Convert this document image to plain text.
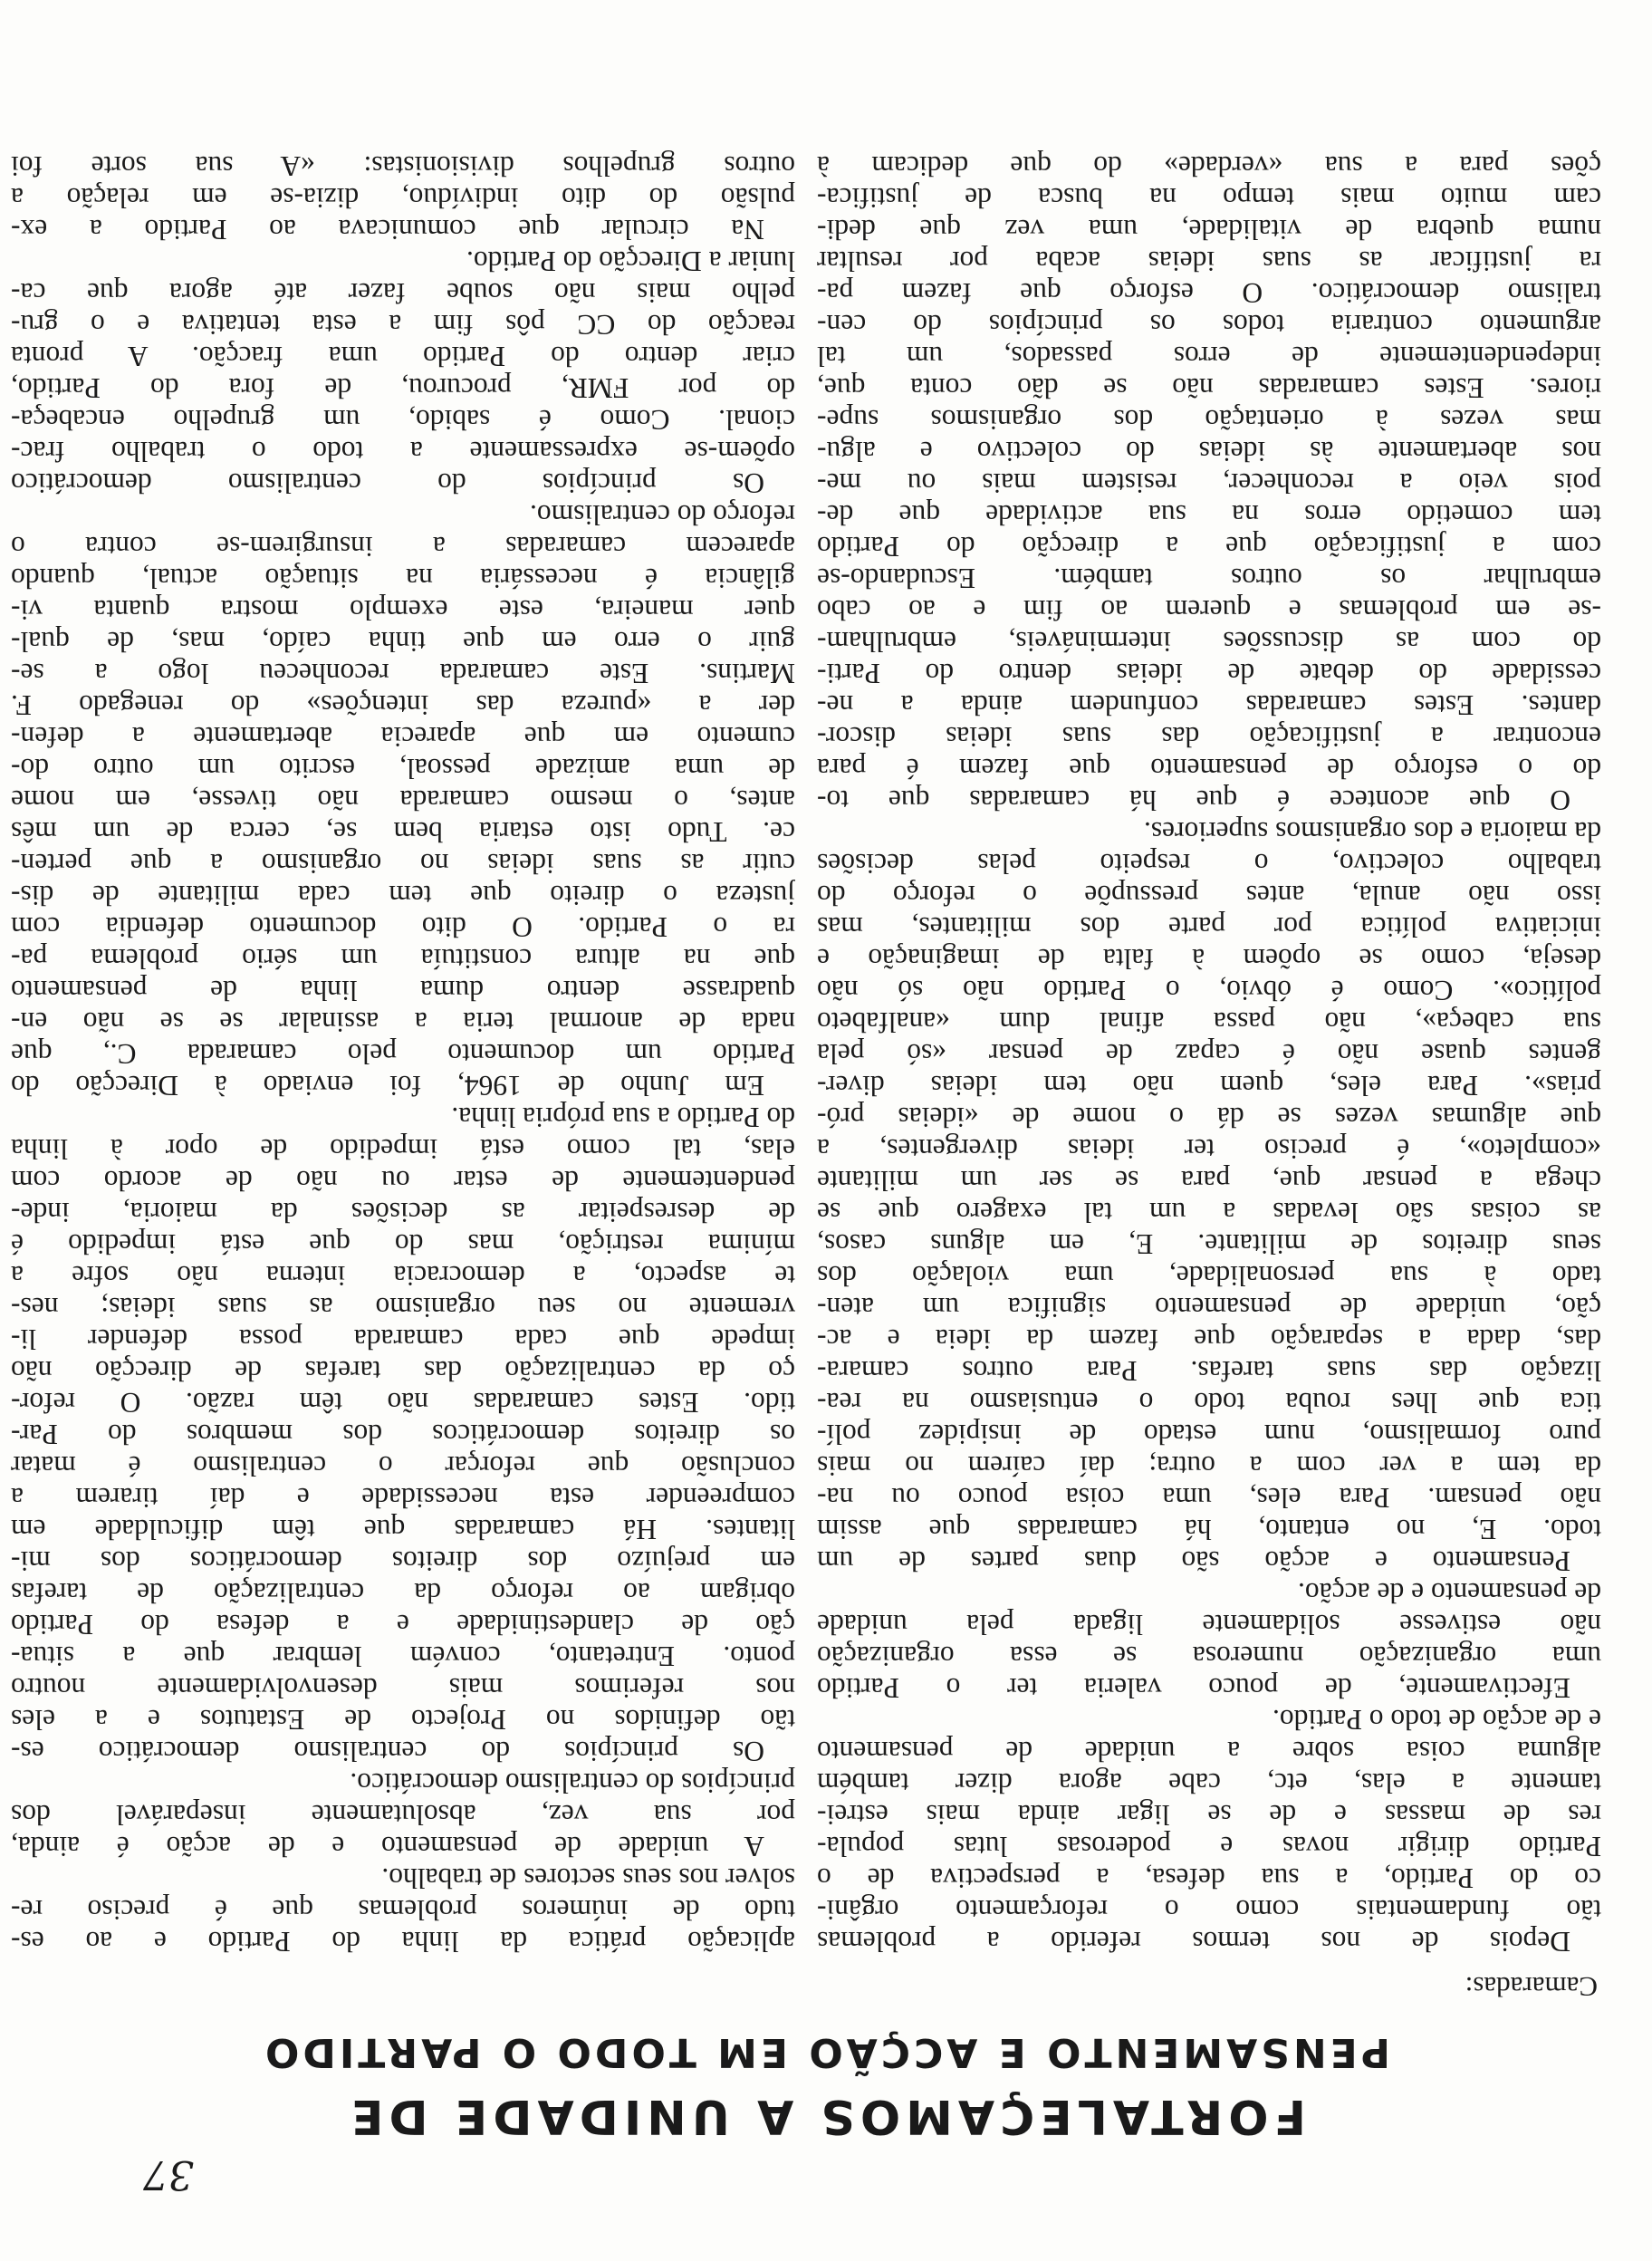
37
FORTALEÇAMOS A UNIDADE DE
PENSAMENTO E ACÇÃO EM TODO O PARTIDO
Camaradas:
Depois de nos termos referido a problemas
tão fundamentais como o reforçamento orgâni-
co do Partido, a sua defesa, a perspectiva de o
Partido dirigir novas e poderosas lutas popula-
res de massas e de se ligar ainda mais estrei-
tamente a elas, etc, cabe agora dizer também
alguma coisa sobre a unidade de pensamento
e de acção de todo o Partido.
Efectivamente, de pouco valeria ter o Partido
uma organização numerosa se essa organização
não estivesse solidamente ligada pela unidade
de pensamento e de acção.
Pensamento e acção são duas partes de um
todo. E, no entanto, há camaradas que assim
não pensam. Para eles, uma coisa pouco ou na-
da tem a ver com a outra; daí caírem no mais
puro formalismo, num estado de insipidez polí-
tica que lhes rouba todo o entusiasmo na rea-
lização das suas tarefas. Para outros camara-
das, dada a separação que fazem da ideia e ac-
ção, unidade de pensamento significa um aten-
tado à sua personalidade, uma violação dos
seus direitos de militante. E, em alguns casos,
as coisas são levadas a um tal exagero que se
chega a pensar que, para se ser um militante
«completo», é preciso ter ideias divergentes, a
que algumas vezes se dá o nome de «ideias pró-
prias». Para eles, quem não tem ideias diver-
gentes quase não é capaz de pensar «só pela
sua cabeça», não passa afinal dum «analfabeto
político». Como é óbvio, o Partido não só não
deseja, como se opõem à falta de imaginação e
iniciativa política por parte dos militantes, mas
isso não anula, antes pressupõe o reforço do
trabalho colectivo, o respeito pelas decisões
da maioria e dos organismos superiores.
O que acontece é que há camaradas que to-
do o esforço de pensamento que fazem é para
encontrar a justificação das suas ideias discor-
dantes. Estes camaradas confundem ainda a ne-
cessidade do debate de ideias dentro do Parti-
do com as discussões intermináveis, embrulham-
-se em problemas e querem ao fim e ao cabo
embrulhar os outros também. Escudando-se
com a justificação que a direcção do Partido
tem cometido erros na sua actividade que de-
pois veio a reconhecer, resistem mais ou me-
nos abertamente às ideias do colectivo e algu-
mas vezes à orientação dos organismos supe-
riores. Estes camaradas não se dão conta que,
independentemente de erros passados, um tal
argumento contraria todos os princípios do cen-
tralismo democrático. O esforço que fazem pa-
ra justificar as suas ideias acaba por resultar
numa quebra de vitalidade, uma vez que dedi-
cam muito mais tempo na busca de justifica-
ções para a sua «verdade» do que dedicam à
aplicação prática da linha do Partido e ao es-
tudo de inúmeros problemas que é preciso re-
solver nos seus sectores de trabalho.
A unidade de pensamento e de acção é ainda,
por sua vez, absolutamente inseparável dos
princípios do centralismo democrático.
Os princípios do centralismo democrático es-
tão definidos no Projecto de Estatutos e a eles
nos referimos mais desenvolvidamente noutro
ponto. Entretanto, convém lembrar que a situa-
ção de clandestinidade e a defesa do Partido
obrigam ao reforço da centralização de tarefas
em prejuízo dos direitos democráticos dos mi-
litantes. Há camaradas que têm dificuldade em
compreender esta necessidade e daí tirarem a
conclusão que reforçar o centralismo é matar
os direitos democráticos dos membros do Par-
tido. Estes camaradas não têm razão. O refor-
ço da centralização das tarefas de direcção não
impede que cada camarada possa defender li-
vremente no seu organismo as suas ideias; nes-
te aspecto, a democracia interna não sofre a
mínima restrição, mas do que está impedido é
de desrespeitar as decisões da maioria, inde-
pendentemente de estar ou não de acordo com
elas, tal como está impedido de opor à linha
do Partido a sua própria linha.
Em Junho de 1964, foi enviado à Direcção do
Partido um documento pelo camarada C., que
nada de anormal teria a assinalar se se não en-
quadrasse dentro duma linha de pensamento
que na altura constituía um sério problema pa-
ra o Partido. O dito documento defendia com
justeza o direito que tem cada militante de dis-
cutir as suas ideias no organismo a que perten-
ce. Tudo isto estaria bem se, cerca de um mês
antes, o mesmo camarada não tivesse, em nome
de uma amizade pessoal, escrito um outro do-
cumento em que aparecia abertamente a defen-
der a «pureza das intenções» do renegado F.
Martins. Este camarada reconheceu logo a se-
guir o erro em que tinha caído, mas, de qual-
quer maneira, este exemplo mostra quanta vi-
gilância é necessária na situação actual, quando
aparecem camaradas a insurgirem-se contra o
reforço do centralismo.
Os princípios do centralismo democrático
opõem-se expressamente a todo o trabalho frac-
cional. Como é sabido, um grupelho encabeça-
do por FMR, procurou, de fora do Partido,
criar dentro do Partido uma fracção. A pronta
reacção do CC pôs fim a esta tentativa e o gru-
pelho mais não soube fazer até agora que ca-
luniar a Direcção do Partido.
Na circular que comunicava ao Partido a ex-
pulsão do dito indivíduo, dizia-se em relação a
outros grupelhos divisionistas: «A sua sorte foi
